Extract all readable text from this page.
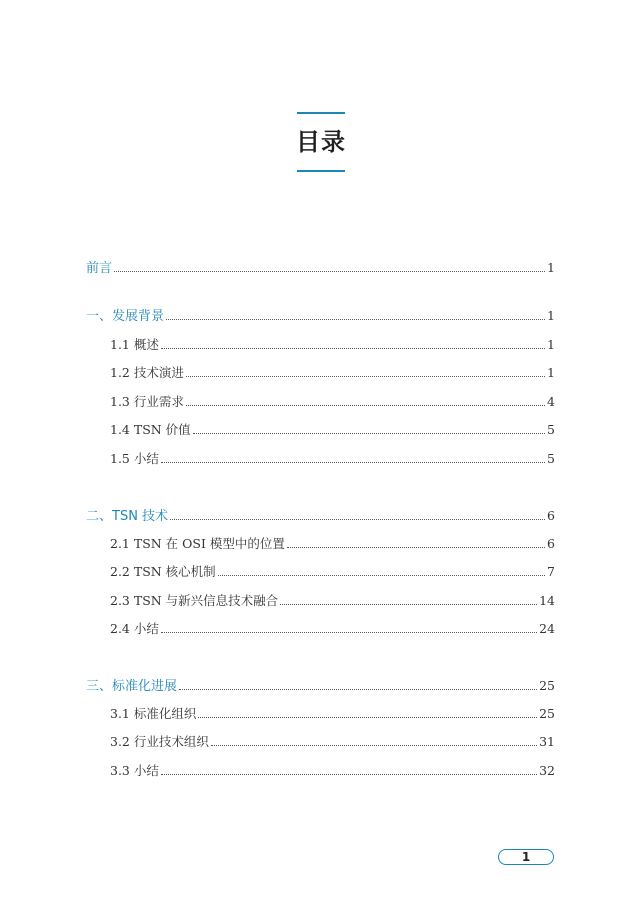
目录
前言	1
一、发展背景	1
1.1 概述	1
1.2 技术演进	1
1.3 行业需求	4
1.4 TSN 价值	5
1.5 小结	5
二、TSN 技术	6
2.1 TSN 在 OSI 模型中的位置	6
2.2 TSN 核心机制	7
2.3 TSN 与新兴信息技术融合	14
2.4 小结	24
三、标准化进展	25
3.1 标准化组织	25
3.2 行业技术组织	31
3.3 小结	32
1
